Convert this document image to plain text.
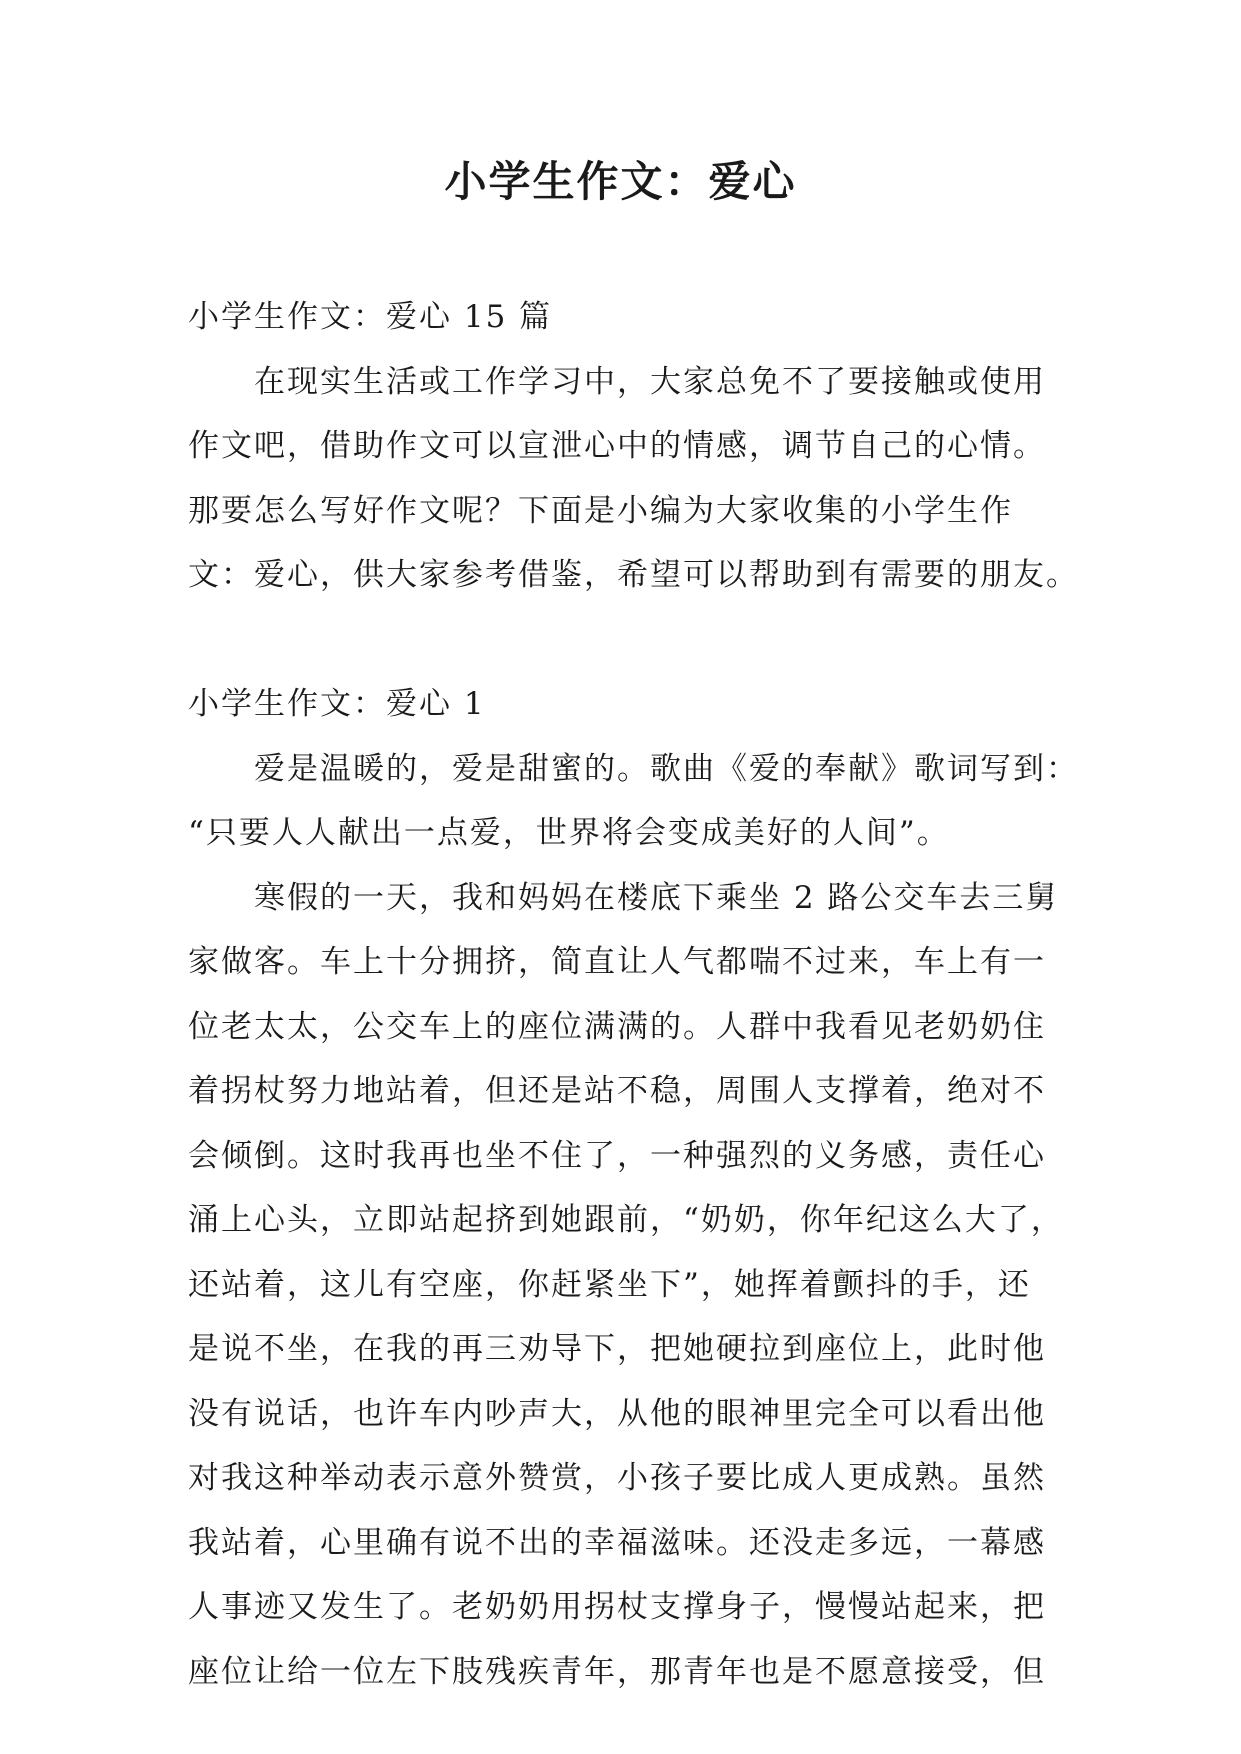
小学生作文：爱心
小学生作文：爱心 15 篇
　　在现实生活或工作学习中，大家总免不了要接触或使用
作文吧，借助作文可以宣泄心中的情感，调节自己的心情。
那要怎么写好作文呢？下面是小编为大家收集的小学生作
文：爱心，供大家参考借鉴，希望可以帮助到有需要的朋友。
小学生作文：爱心 1
　　爱是温暖的，爱是甜蜜的。歌曲《爱的奉献》歌词写到：
“只要人人献出一点爱，世界将会变成美好的人间”。
　　寒假的一天，我和妈妈在楼底下乘坐 2 路公交车去三舅
家做客。车上十分拥挤，简直让人气都喘不过来，车上有一
位老太太，公交车上的座位满满的。人群中我看见老奶奶住
着拐杖努力地站着，但还是站不稳，周围人支撑着，绝对不
会倾倒。这时我再也坐不住了，一种强烈的义务感，责任心
涌上心头，立即站起挤到她跟前，“奶奶，你年纪这么大了，
还站着，这儿有空座，你赶紧坐下”，她挥着颤抖的手，还
是说不坐，在我的再三劝导下，把她硬拉到座位上，此时他
没有说话，也许车内吵声大，从他的眼神里完全可以看出他
对我这种举动表示意外赞赏，小孩子要比成人更成熟。虽然
我站着，心里确有说不出的幸福滋味。还没走多远，一幕感
人事迹又发生了。老奶奶用拐杖支撑身子，慢慢站起来，把
座位让给一位左下肢残疾青年，那青年也是不愿意接受，但
